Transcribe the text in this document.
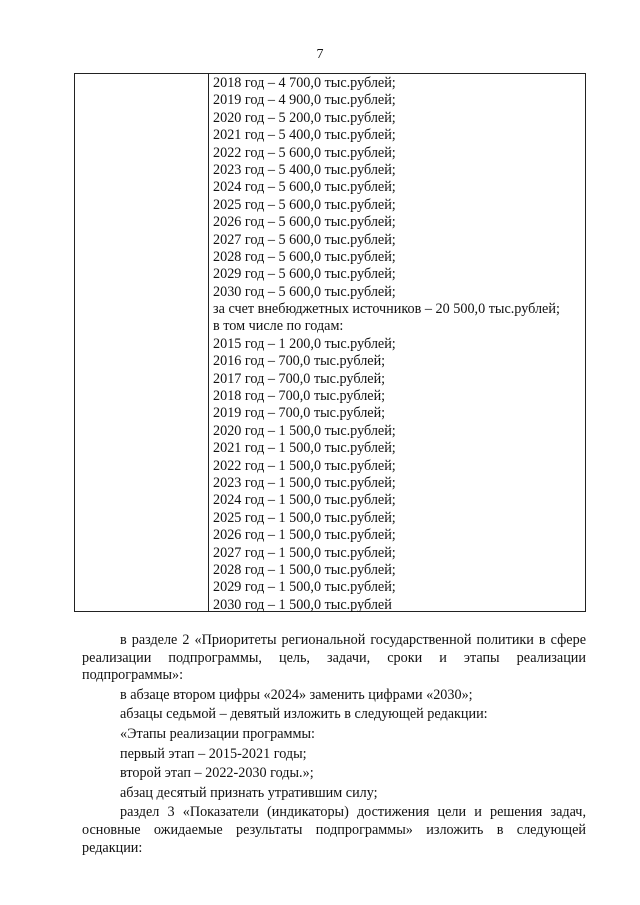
7
2018 год – 4 700,0 тыс.рублей;
2019 год – 4 900,0 тыс.рублей;
2020 год – 5 200,0 тыс.рублей;
2021 год – 5 400,0 тыс.рублей;
2022 год – 5 600,0 тыс.рублей;
2023 год – 5 400,0 тыс.рублей;
2024 год – 5 600,0 тыс.рублей;
2025 год – 5 600,0 тыс.рублей;
2026 год – 5 600,0 тыс.рублей;
2027 год – 5 600,0 тыс.рублей;
2028 год – 5 600,0 тыс.рублей;
2029 год – 5 600,0 тыс.рублей;
2030 год – 5 600,0 тыс.рублей;
за счет внебюджетных источников – 20 500,0 тыс.рублей;
в том числе по годам:
2015 год – 1 200,0 тыс.рублей;
2016 год – 700,0 тыс.рублей;
2017 год – 700,0 тыс.рублей;
2018 год – 700,0 тыс.рублей;
2019 год – 700,0 тыс.рублей;
2020 год – 1 500,0 тыс.рублей;
2021 год – 1 500,0 тыс.рублей;
2022 год – 1 500,0 тыс.рублей;
2023 год – 1 500,0 тыс.рублей;
2024 год – 1 500,0 тыс.рублей;
2025 год – 1 500,0 тыс.рублей;
2026 год – 1 500,0 тыс.рублей;
2027 год – 1 500,0 тыс.рублей;
2028 год – 1 500,0 тыс.рублей;
2029 год – 1 500,0 тыс.рублей;
2030 год – 1 500,0 тыс.рублей

в разделе 2 «Приоритеты региональной государственной политики в сфере реализации подпрограммы, цель, задачи, сроки и этапы реализации подпрограммы»:

в абзаце втором цифры «2024» заменить цифрами «2030»;

абзацы седьмой – девятый изложить в следующей редакции:

«Этапы реализации программы:

первый этап – 2015-2021 годы;

второй этап – 2022-2030 годы.»;

абзац десятый признать утратившим силу;

раздел 3 «Показатели (индикаторы) достижения цели и решения задач, основные ожидаемые результаты подпрограммы» изложить в следующей редакции:
